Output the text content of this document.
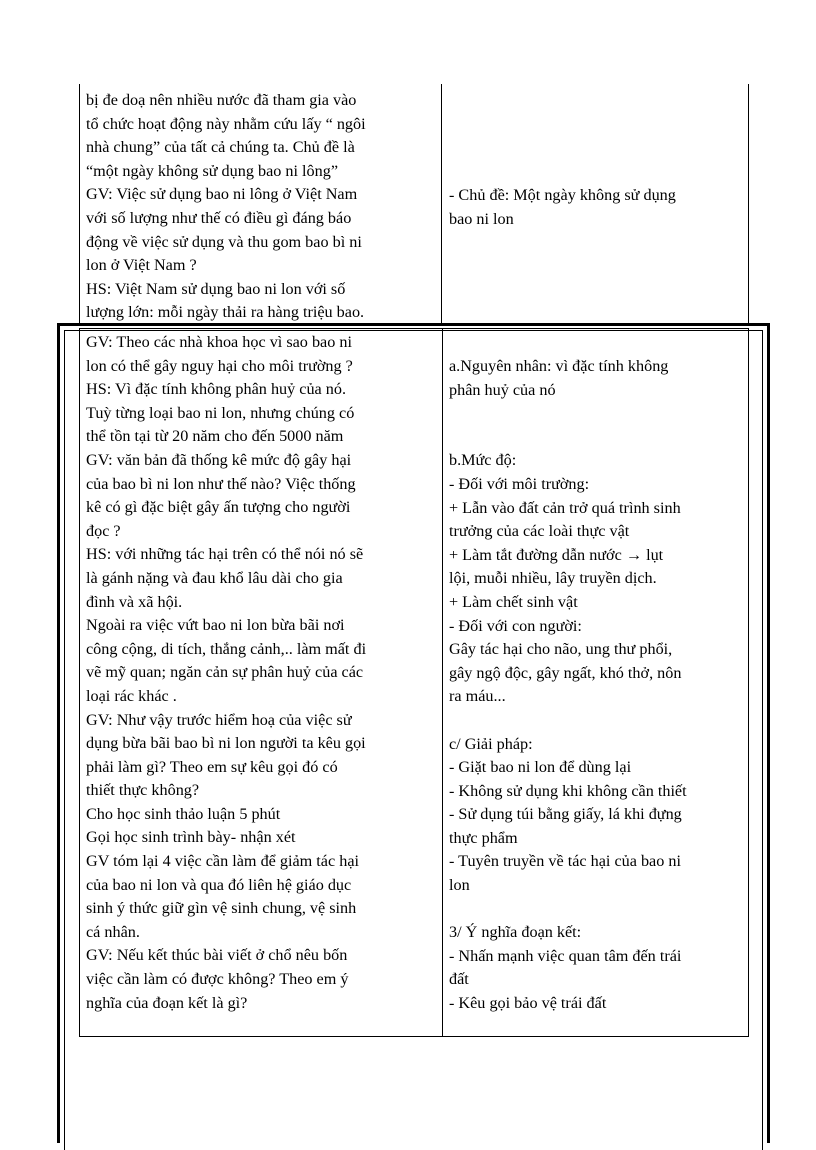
bị đe doạ nên nhiều nước đã tham gia vào
tổ chức hoạt động này nhằm cứu lấy “ ngôi
nhà chung” của tất cả chúng ta. Chủ đề là
“một ngày không sử dụng bao ni lông”
GV: Việc sử dụng bao ni lông ở Việt Nam
với số lượng như thế có điều gì đáng báo
động về việc sử dụng và thu gom bao bì ni
lon ở Việt Nam ?
HS: Việt Nam sử dụng bao ni lon với số
lượng lớn: mỗi ngày thải ra hàng triệu bao.
- Chủ đề: Một ngày không sử dụng
bao ni lon
GV: Theo các nhà khoa học vì sao bao ni
lon có thể gây nguy hại cho môi trường ?
HS: Vì đặc tính không phân huỷ của nó.
Tuỳ từng loại bao ni lon, nhưng chúng có
thể tồn tại từ 20 năm cho đến 5000 năm
GV: văn bản đã thống kê mức độ gây hại
của bao bì ni lon như thế nào? Việc thống
kê có gì đặc biệt gây ấn tượng cho người
đọc ?
HS: với những tác hại trên có thể nói nó sẽ
là gánh nặng và đau khổ lâu dài cho gia
đình và xã hội.
Ngoài ra việc vứt bao ni lon bừa bãi nơi
công cộng, di tích, thắng cảnh,.. làm mất đi
vẽ mỹ quan; ngăn cản sự phân huỷ của các
loại rác khác .
GV: Như vậy trước hiểm hoạ của việc sử
dụng bừa bãi bao bì ni lon người ta kêu gọi
phải làm gì? Theo em sự kêu gọi đó có
thiết thực không?
Cho học sinh thảo luận 5 phút
Gọi học sinh trình bày- nhận xét
GV tóm lại 4 việc cần làm để giảm tác hại
của bao ni lon và qua đó liên hệ giáo dục
sinh ý thức giữ gìn vệ sinh chung, vệ sinh
cá nhân.
GV: Nếu kết thúc bài viết ở chổ nêu bốn
việc cần làm có được không? Theo em ý
nghĩa của đoạn kết là gì?
a.Nguyên nhân: vì đặc tính không
phân huỷ của nó
b.Mức độ:
- Đối với môi trường:
+ Lẫn vào đất cản trở quá trình sinh
trưởng của các loài thực vật
+ Làm tắt đường dẫn nước → lụt
lội, muỗi nhiều, lây truyền dịch.
+ Làm chết sinh vật
- Đối với con người:
Gây tác hại cho não, ung thư phổi,
gây ngộ độc, gây ngất, khó thở, nôn
ra máu...
c/ Giải pháp:
- Giặt bao ni lon để dùng lại
- Không sử dụng khi không cần thiết
- Sử dụng túi bằng giấy, lá khi đựng
thực phẩm
- Tuyên truyền về tác hại của bao ni
lon
3/ Ý nghĩa đoạn kết:
- Nhấn mạnh việc quan tâm đến trái
đất
- Kêu gọi bảo vệ trái đất
